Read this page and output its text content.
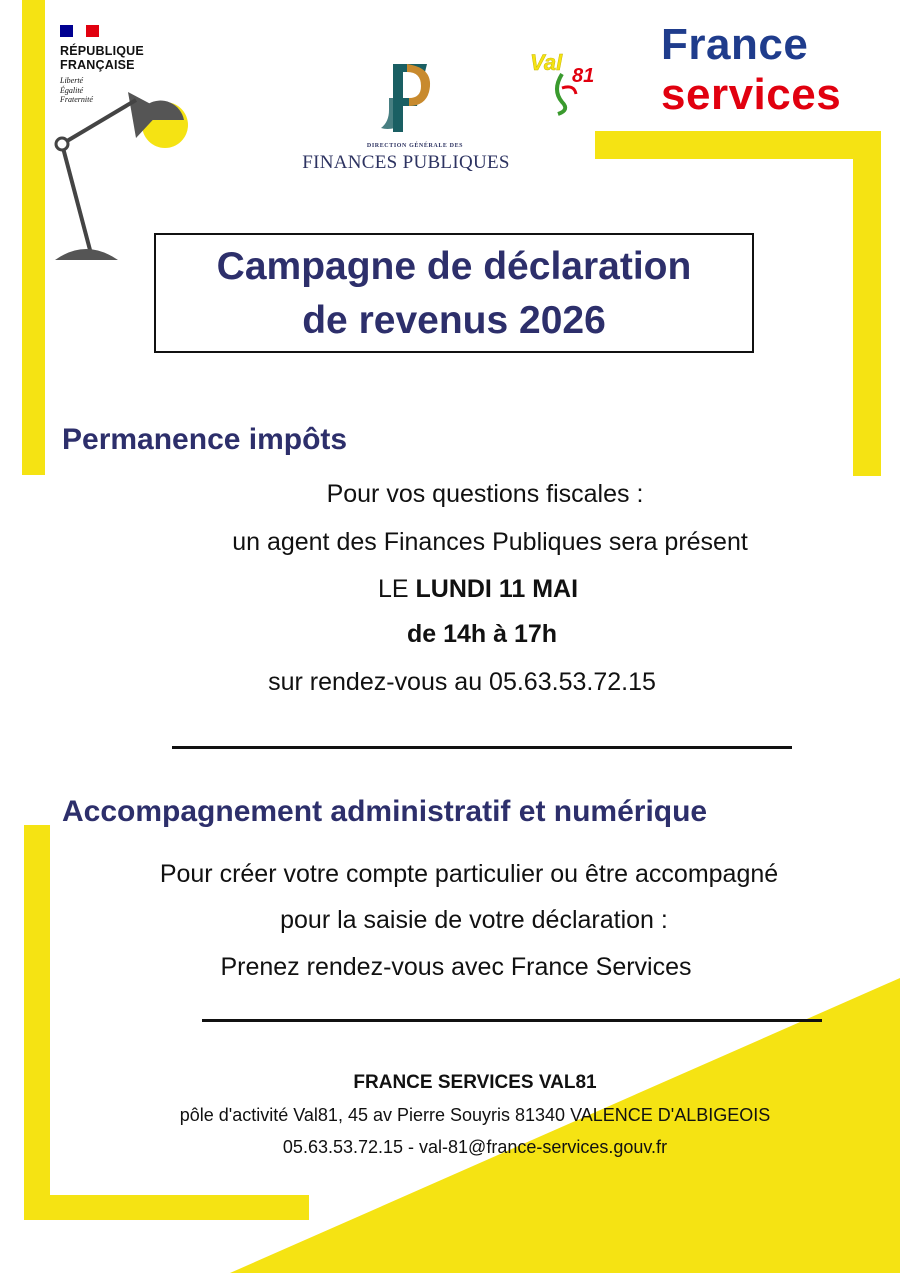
RÉPUBLIQUE
FRANÇAISE
Liberté
Égalité
Fraternité
DIRECTION GÉNÉRALE DES
FINANCES PUBLIQUES
Val
81
France
services
Campagne de déclaration
de revenus 2026
Permanence impôts
Pour vos questions fiscales :
un agent des Finances Publiques sera présent
LE LUNDI 11 MAI
de 14h à 17h
sur rendez-vous au 05.63.53.72.15
Accompagnement administratif et numérique
Pour créer votre compte particulier ou être accompagné
pour la saisie de votre déclaration :
Prenez rendez-vous avec France Services
FRANCE SERVICES VAL81
pôle d'activité Val81, 45 av Pierre Souyris 81340 VALENCE D'ALBIGEOIS
05.63.53.72.15 - val-81@france-services.gouv.fr
